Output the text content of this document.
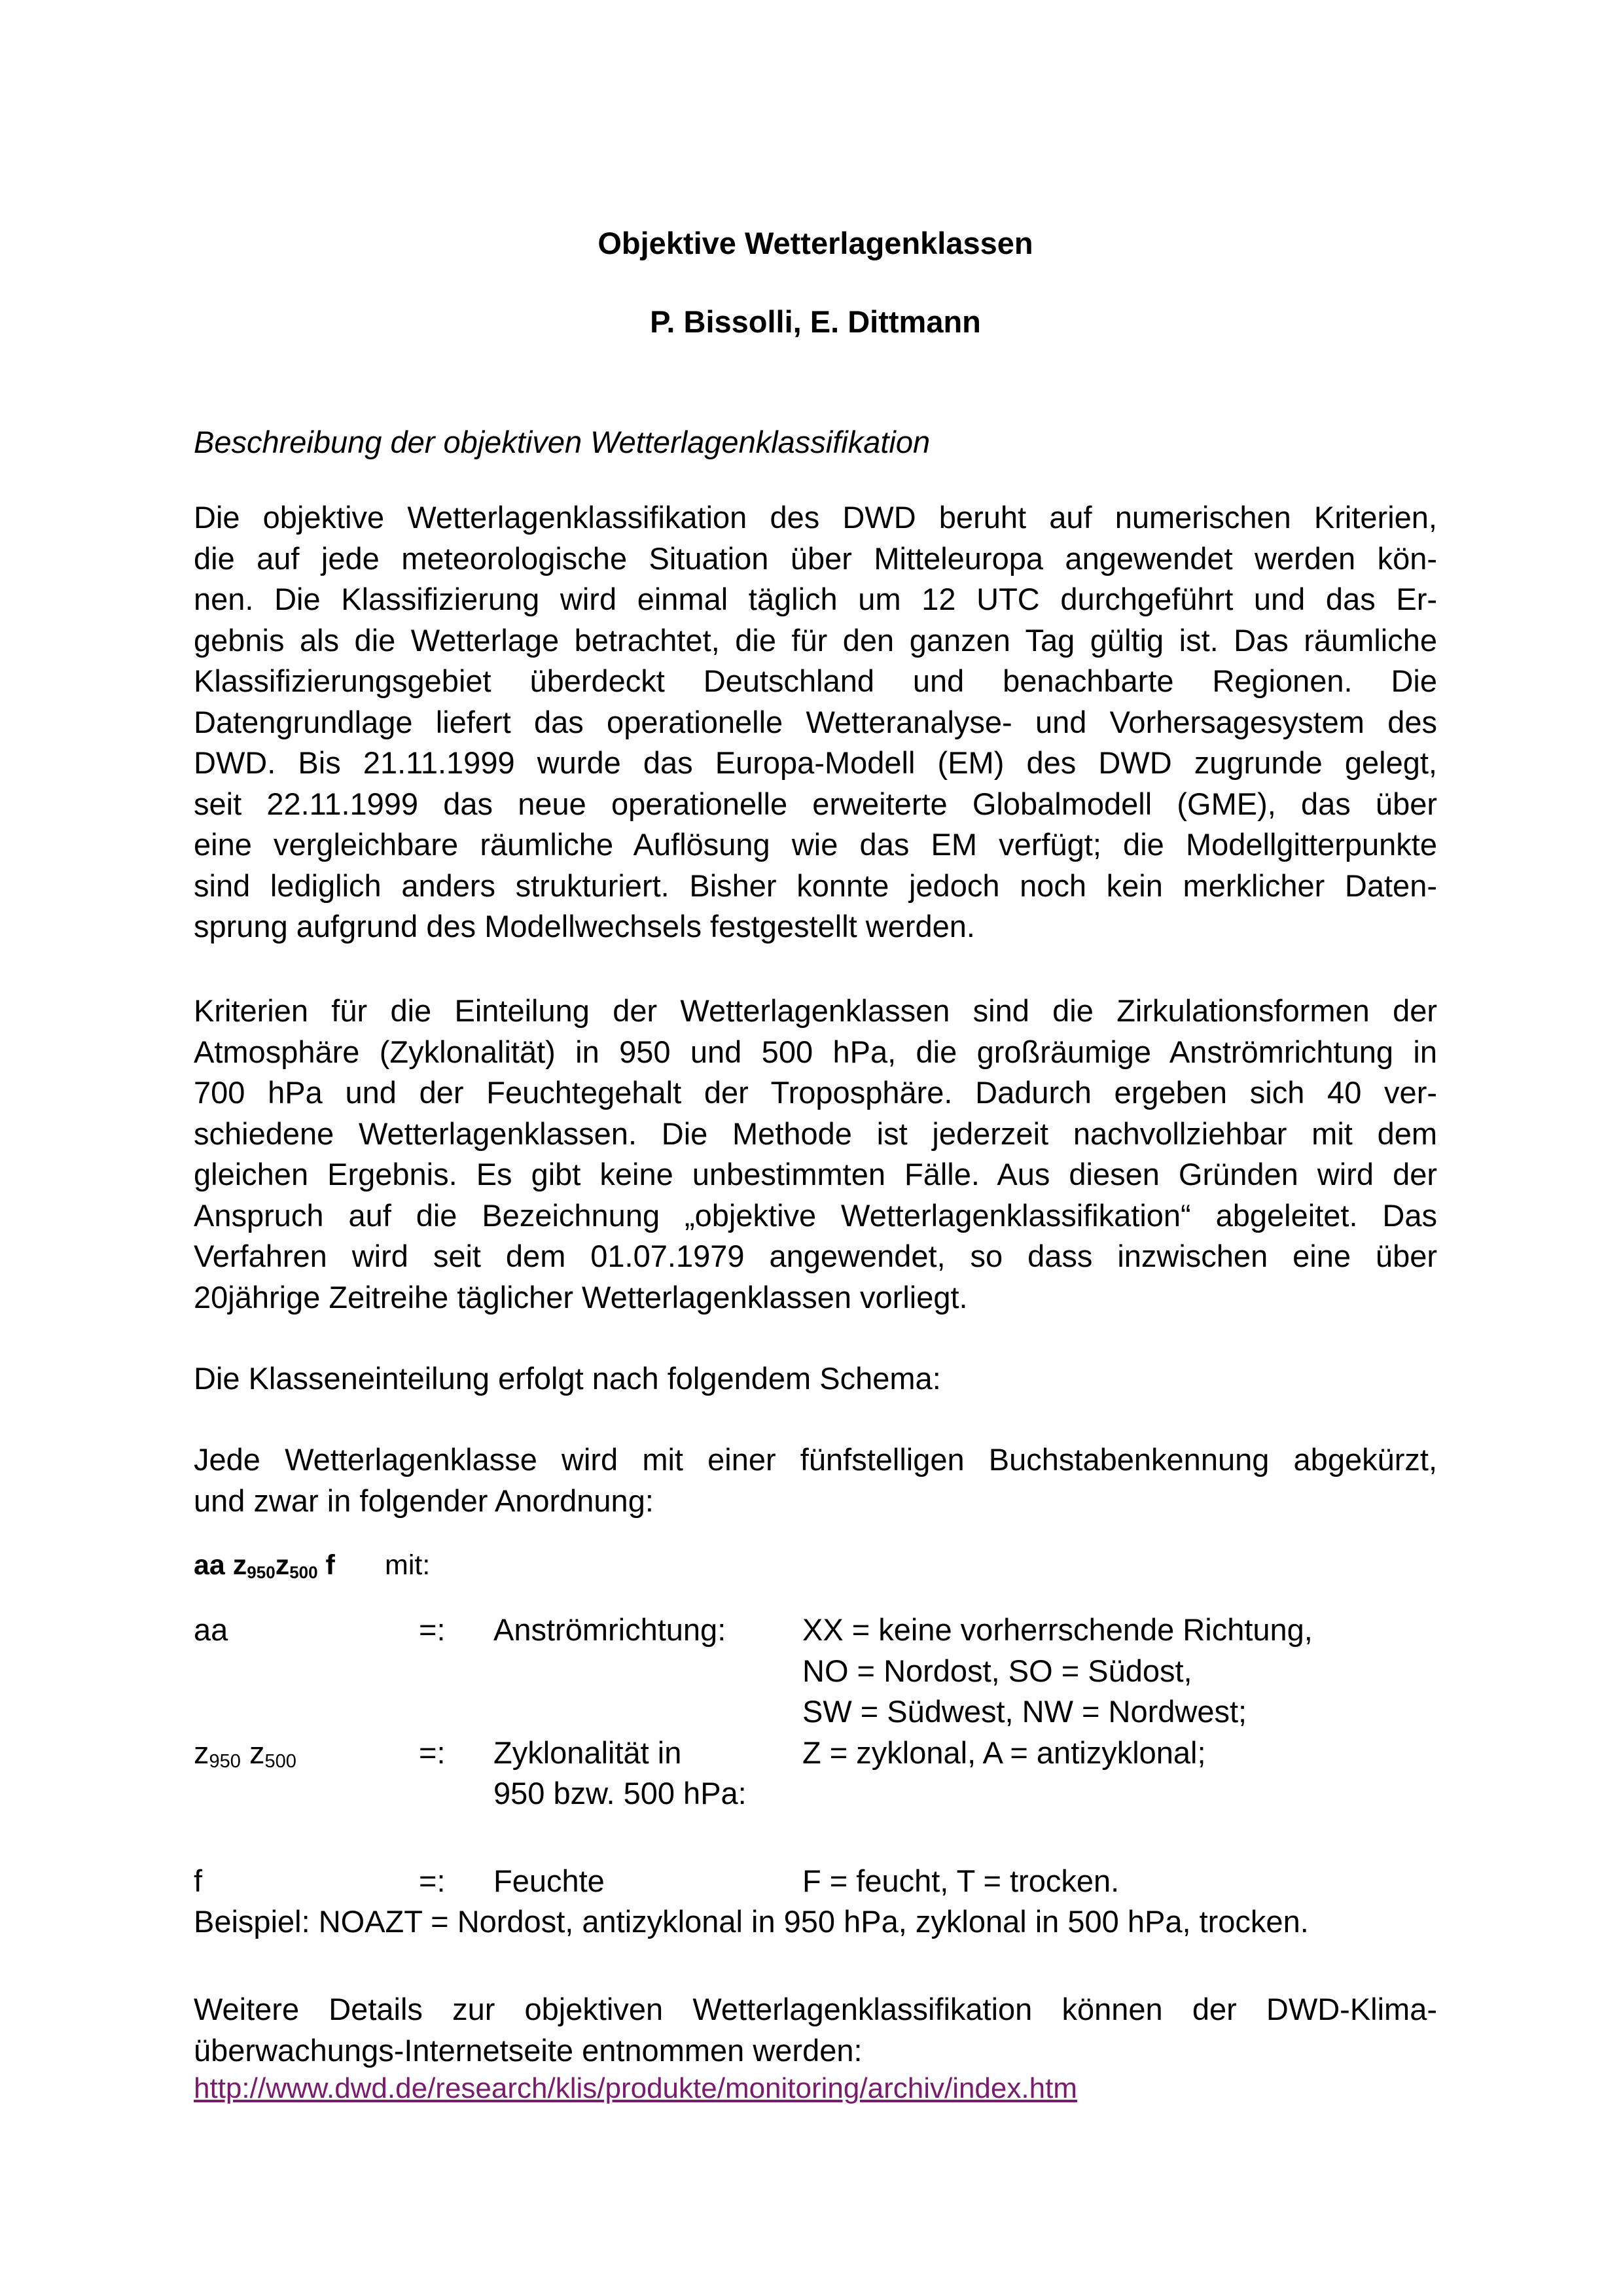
Objektive Wetterlagenklassen
P. Bissolli, E. Dittmann
Beschreibung der objektiven Wetterlagenklassifikation
Die objektive Wetterlagenklassifikation des DWD beruht auf numerischen Kriterien,
die auf jede meteorologische Situation über Mitteleuropa angewendet werden kön-
nen. Die Klassifizierung wird einmal täglich um 12 UTC durchgeführt und das Er-
gebnis als die Wetterlage betrachtet, die für den ganzen Tag gültig ist. Das räumliche
Klassifizierungsgebiet überdeckt Deutschland und benachbarte Regionen. Die
Datengrundlage liefert das operationelle Wetteranalyse- und Vorhersagesystem des
DWD. Bis 21.11.1999 wurde das Europa-Modell (EM) des DWD zugrunde gelegt,
seit 22.11.1999 das neue operationelle erweiterte Globalmodell (GME), das über
eine vergleichbare räumliche Auflösung wie das EM verfügt; die Modellgitterpunkte
sind lediglich anders strukturiert. Bisher konnte jedoch noch kein merklicher Daten-
sprung aufgrund des Modellwechsels festgestellt werden.
Kriterien für die Einteilung der Wetterlagenklassen sind die Zirkulationsformen der
Atmosphäre (Zyklonalität) in 950 und 500 hPa, die großräumige Anströmrichtung in
700 hPa und der Feuchtegehalt der Troposphäre. Dadurch ergeben sich 40 ver-
schiedene Wetterlagenklassen. Die Methode ist jederzeit nachvollziehbar mit dem
gleichen Ergebnis. Es gibt keine unbestimmten Fälle. Aus diesen Gründen wird der
Anspruch auf die Bezeichnung „objektive Wetterlagenklassifikation“ abgeleitet. Das
Verfahren wird seit dem 01.07.1979 angewendet, so dass inzwischen eine über
20jährige Zeitreihe täglicher Wetterlagenklassen vorliegt.
Die Klasseneinteilung erfolgt nach folgendem Schema:
Jede Wetterlagenklasse wird mit einer fünfstelligen Buchstabenkennung abgekürzt,
und zwar in folgender Anordnung:
aa $z_{950}z_{500}$ f mit:
aa	=: Anströmrichtung: XX = keine vorherrschende Richtung,
NO = Nordost, SO = Südost,
SW = Südwest, NW = Nordwest;
$z_{950}$ $z_{500}$	=: Zyklonalität in	Z = zyklonal, A = antizyklonal;
950 bzw. 500 hPa:
f	=: Feuchte	F = feucht, T = trocken.
Beispiel: NOAZT = Nordost, antizyklonal in 950 hPa, zyklonal in 500 hPa, trocken.
Weitere Details zur objektiven Wetterlagenklassifikation können der DWD-Klima-
überwachungs-Internetseite entnommen werden:
http://www.dwd.de/research/klis/produkte/monitoring/archiv/index.htm
